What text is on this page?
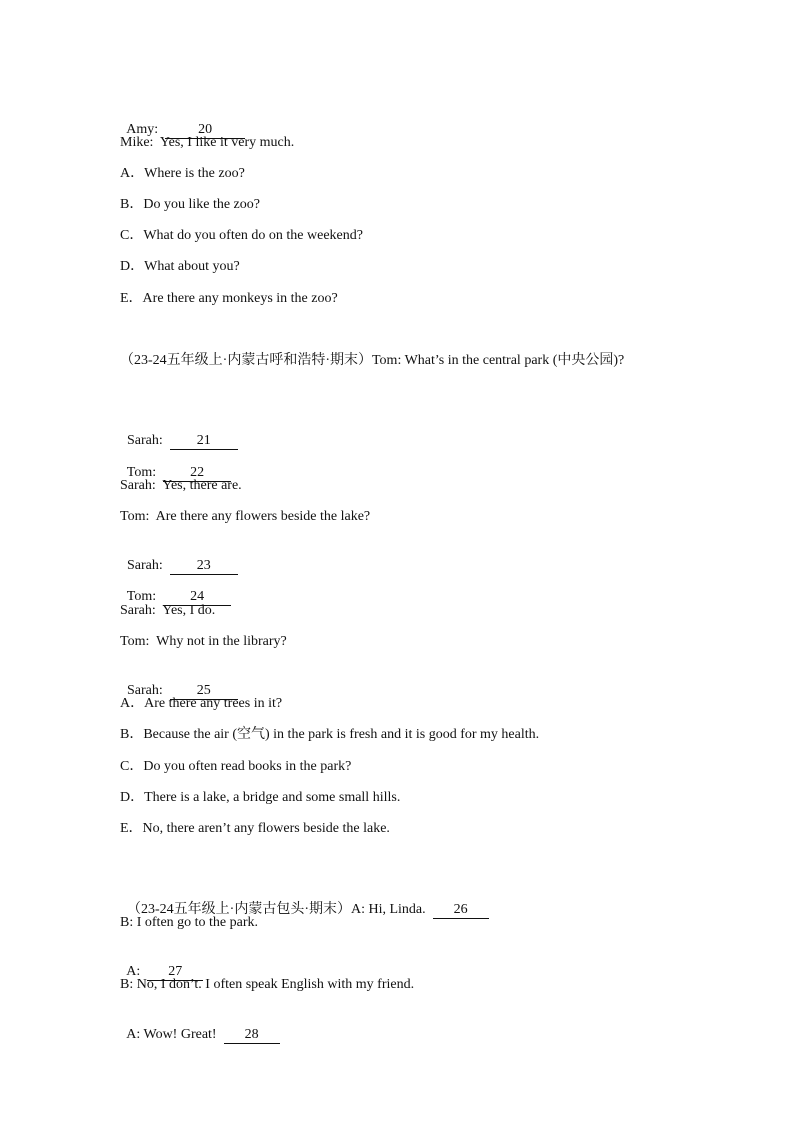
Amy:  20

Mike:  Yes, I like it very much.
A．Where is the zoo?
B．Do you like the zoo?
C．What do you often do on the weekend?
D．What about you?
E．Are there any monkeys in the zoo?
（23-24五年级上·内蒙古呼和浩特·期末）Tom: What’s in the central park (中央公园)?

Sarah:  21

Tom:  22

Sarah:  Yes, there are.
Tom:  Are there any flowers beside the lake?

Sarah:  23

Tom:  24

Sarah:  Yes, I do.
Tom:  Why not in the library?

Sarah:  25

A．Are there any trees in it?
B．Because the air (空气) in the park is fresh and it is good for my health.
C．Do you often read books in the park?
D．There is a lake, a bridge and some small hills.
E．No, there aren’t any flowers beside the lake.

（23-24五年级上·内蒙古包头·期末）A: Hi, Linda.  26

B: I often go to the park.

A:  27

B: No, I don’t. I often speak English with my friend.

A: Wow! Great!  28
